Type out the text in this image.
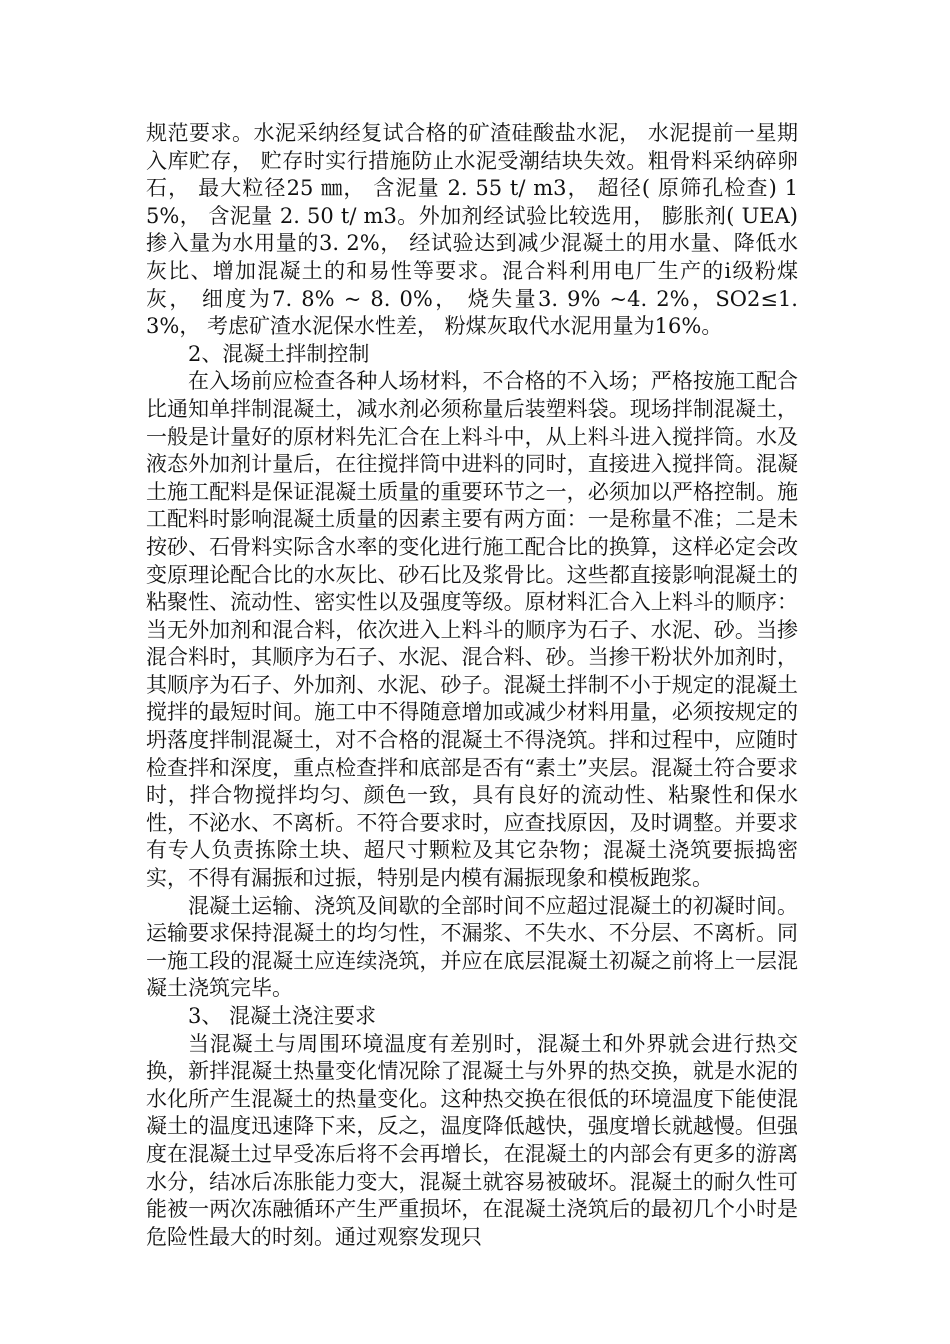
规范要求。水泥采纳经复试合格的矿渣硅酸盐水泥， 水泥提前一星期入库贮存， 贮存时实行措施防止水泥受潮结块失效。粗骨料采纳碎卵石， 最大粒径25 ㎜， 含泥量 2. 55 t/ m3， 超径( 原筛孔检查) 15%， 含泥量 2. 50 t/ m3。外加剂经试验比较选用， 膨胀剂( UEA) 掺入量为水用量的3. 2%， 经试验达到减少混凝土的用水量、降低水灰比、增加混凝土的和易性等要求。混合料利用电厂生产的ⅰ级粉煤灰， 细度为7. 8% ~ 8. 0%， 烧失量3. 9% ~4. 2%，SO2≤1. 3%， 考虑矿渣水泥保水性差， 粉煤灰取代水泥用量为16%。

2、混凝土拌制控制

在入场前应检查各种人场材料，不合格的不入场；严格按施工配合比通知单拌制混凝土，减水剂必须称量后装塑料袋。现场拌制混凝土，一般是计量好的原材料先汇合在上料斗中，从上料斗进入搅拌筒。水及液态外加剂计量后，在往搅拌筒中进料的同时，直接进入搅拌筒。混凝土施工配料是保证混凝土质量的重要环节之一，必须加以严格控制。施工配料时影响混凝土质量的因素主要有两方面：一是称量不准；二是未按砂、石骨料实际含水率的变化进行施工配合比的换算，这样必定会改变原理论配合比的水灰比、砂石比及浆骨比。这些都直接影响混凝土的粘聚性、流动性、密实性以及强度等级。原材料汇合入上料斗的顺序：当无外加剂和混合料，依次进入上料斗的顺序为石子、水泥、砂。当掺混合料时，其顺序为石子、水泥、混合料、砂。当掺干粉状外加剂时，其顺序为石子、外加剂、水泥、砂子。混凝土拌制不小于规定的混凝土搅拌的最短时间。施工中不得随意增加或减少材料用量，必须按规定的坍落度拌制混凝土，对不合格的混凝土不得浇筑。拌和过程中，应随时检查拌和深度，重点检查拌和底部是否有“素土”夹层。混凝土符合要求时，拌合物搅拌均匀、颜色一致，具有良好的流动性、粘聚性和保水性，不泌水、不离析。不符合要求时，应查找原因，及时调整。并要求有专人负责拣除土块、超尺寸颗粒及其它杂物；混凝土浇筑要振捣密实，不得有漏振和过振，特别是内模有漏振现象和模板跑浆。

混凝土运输、浇筑及间歇的全部时间不应超过混凝土的初凝时间。运输要求保持混凝土的均匀性，不漏浆、不失水、不分层、不离析。同一施工段的混凝土应连续浇筑，并应在底层混凝土初凝之前将上一层混凝土浇筑完毕。

3、 混凝土浇注要求

当混凝土与周围环境温度有差别时，混凝土和外界就会进行热交换，新拌混凝土热量变化情况除了混凝土与外界的热交换，就是水泥的水化所产生混凝土的热量变化。这种热交换在很低的环境温度下能使混凝土的温度迅速降下来，反之，温度降低越快，强度增长就越慢。但强度在混凝土过早受冻后将不会再增长，在混凝土的内部会有更多的游离水分，结冰后冻胀能力变大，混凝土就容易被破坏。混凝土的耐久性可能被一两次冻融循环产生严重损坏，在混凝土浇筑后的最初几个小时是危险性最大的时刻。通过观察发现只
